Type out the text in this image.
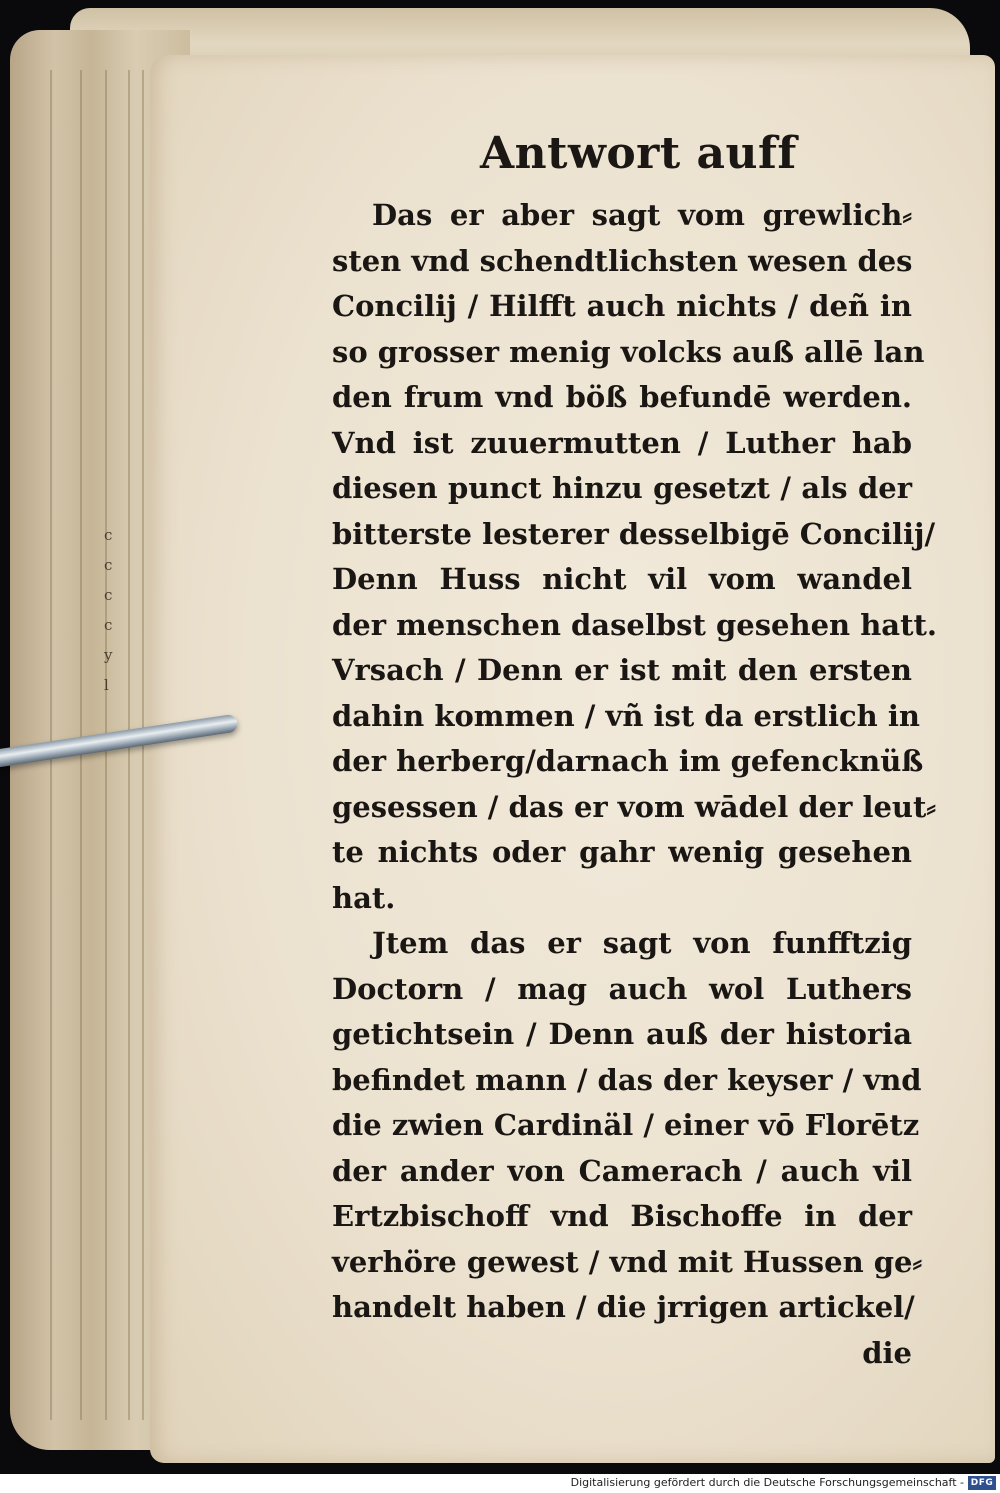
c
c
c
c
y
l
Antwort auff
Das er aber sagt vom grewlich⸗
sten vnd schendtlichsten wesen des
Concilij / Hilfft auch nichts / deñ in
so grosser menig volcks auß allē lan
den frum vnd böß befundē werden.
Vnd ist zuuermutten / Luther hab
diesen punct hinzu gesetzt / als der
bitterste lesterer desselbigē Concilij/
Denn Huss nicht vil vom wandel
der menschen daselbst gesehen hatt.
Vrsach / Denn er ist mit den ersten
dahin kommen / vñ ist da erstlich in
der herberg/darnach im gefencknüß
gesessen / das er vom wādel der leut⸗
te nichts oder gahr wenig gesehen
hat.
Jtem das er sagt von funfftzig
Doctorn / mag auch wol Luthers
getichtsein / Denn auß der historia
befindet mann / das der keyser / vnd
die zwien Cardinäl / einer vō Florētz
der ander von Camerach / auch vil
Ertzbischoff vnd Bischoffe in der
verhöre gewest / vnd mit Hussen ge⸗
handelt haben / die jrrigen artickel/
die
Digitalisierung gefördert durch die Deutsche Forschungsgemeinschaft - DFG
